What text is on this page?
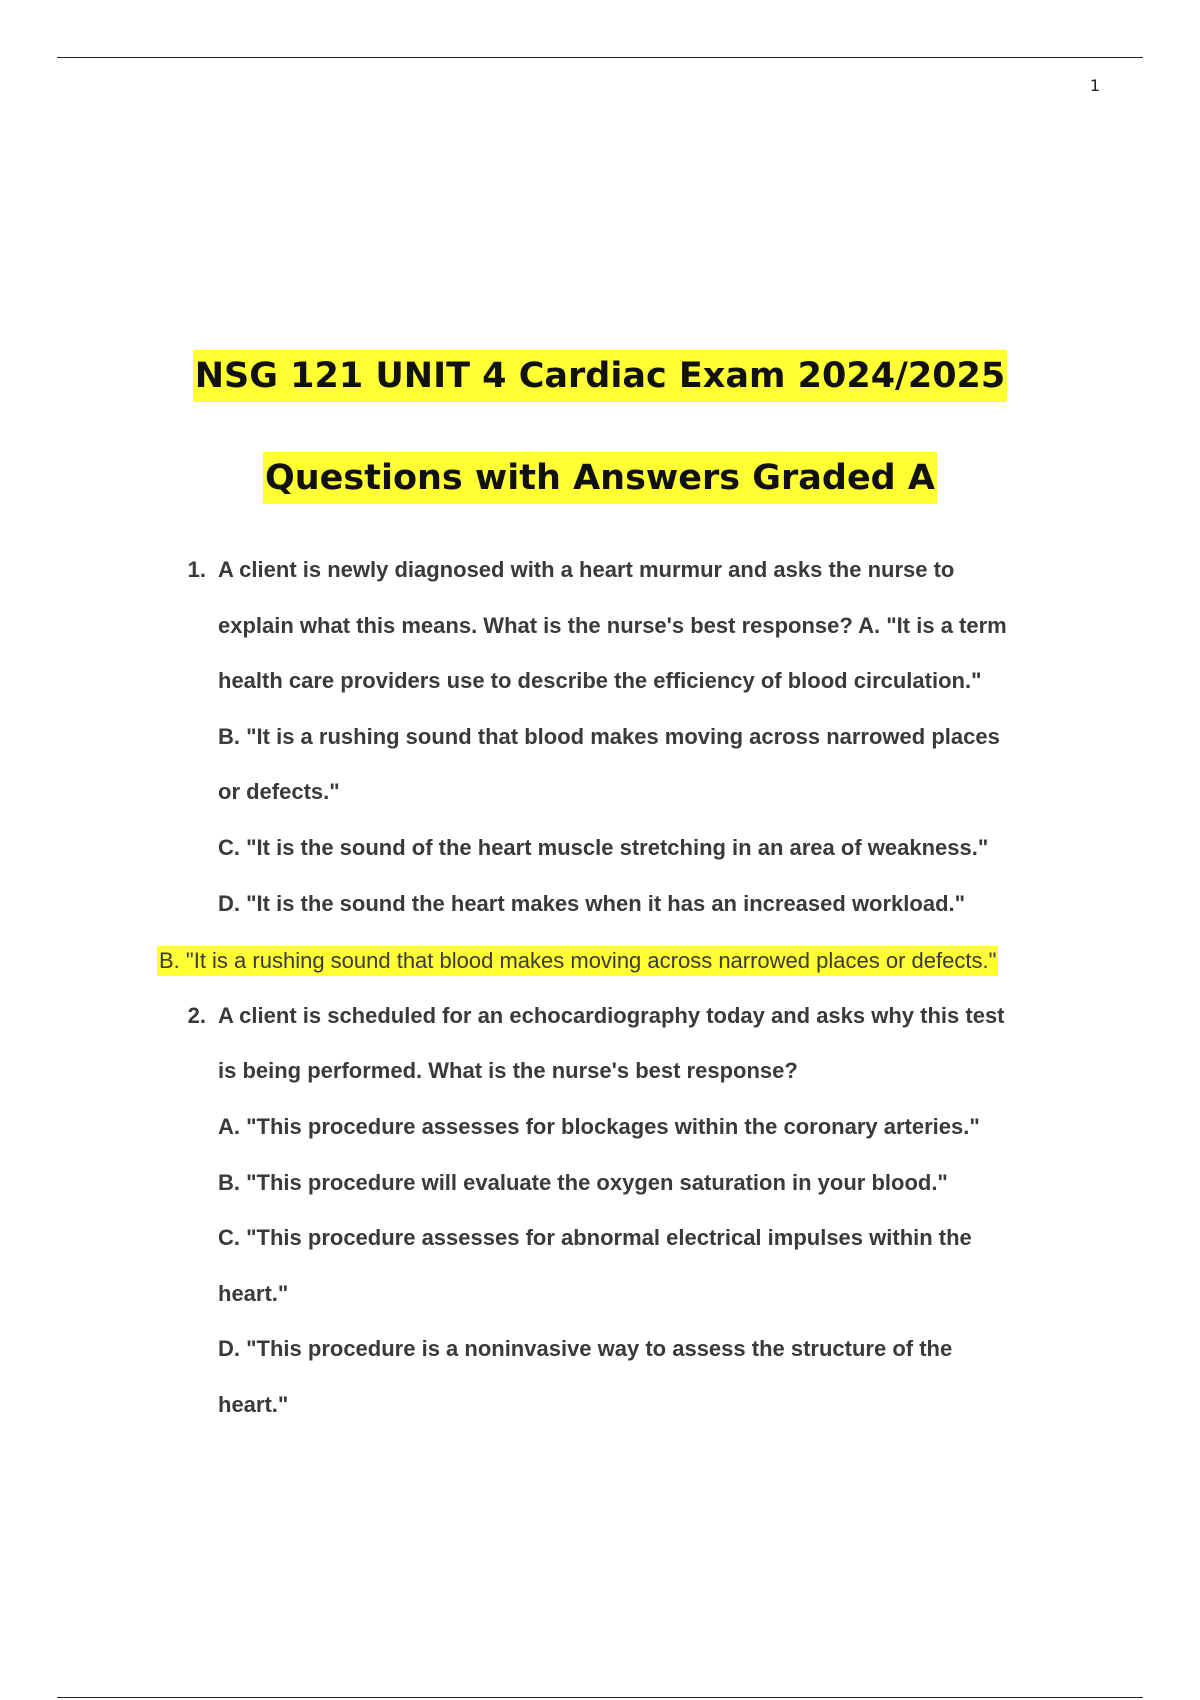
1
NSG 121 UNIT 4 Cardiac Exam 2024/2025
Questions with Answers Graded A
1. A client is newly diagnosed with a heart murmur and asks the nurse to
explain what this means. What is the nurse's best response? A. "It is a term
health care providers use to describe the efficiency of blood circulation."
B. "It is a rushing sound that blood makes moving across narrowed places
or defects."
C. "It is the sound of the heart muscle stretching in an area of weakness."
D. "It is the sound the heart makes when it has an increased workload."
B. "It is a rushing sound that blood makes moving across narrowed places or defects."
2. A client is scheduled for an echocardiography today and asks why this test
is being performed. What is the nurse's best response?
A. "This procedure assesses for blockages within the coronary arteries."
B. "This procedure will evaluate the oxygen saturation in your blood."
C. "This procedure assesses for abnormal electrical impulses within the
heart."
D. "This procedure is a noninvasive way to assess the structure of the
heart."
